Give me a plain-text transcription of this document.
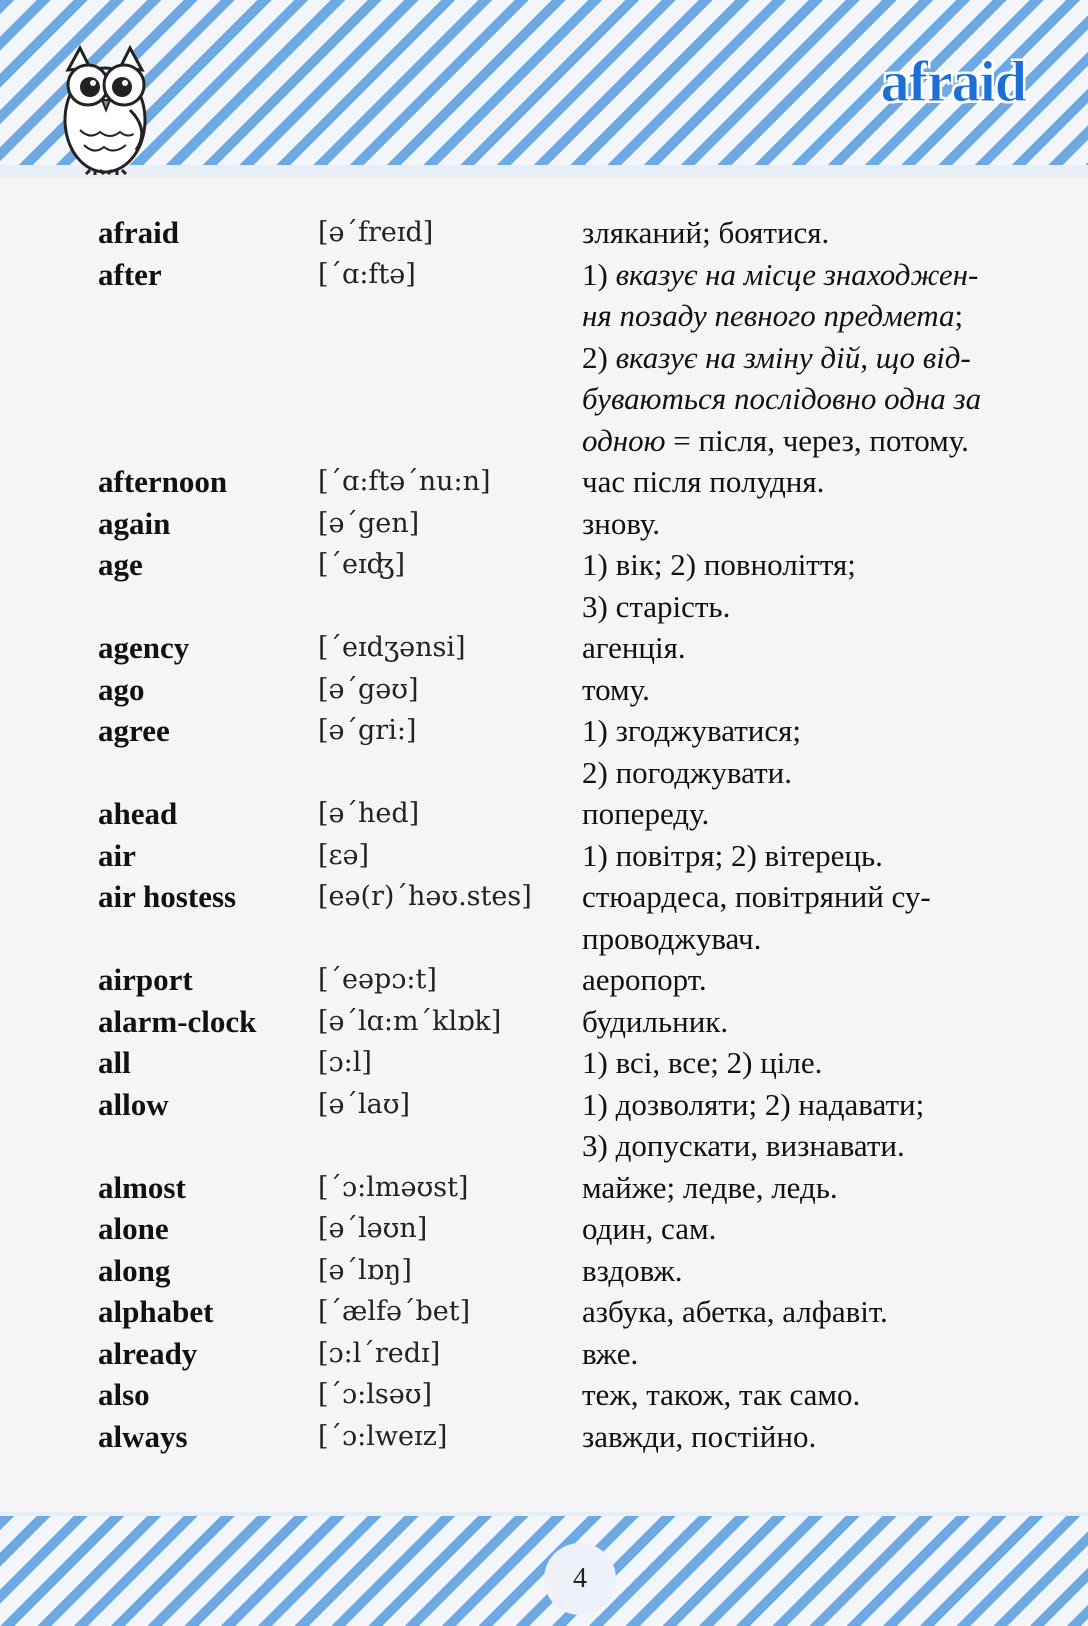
afraid
afraid	[əˊfreɪd]	зляканий; боятися.
after	[ˊɑ:ftə]	1) вказує на місце знаходжен-
ня позаду певного предмета;
2) вказує на зміну дій, що від-
буваються послідовно одна за
одною = після, через, потому.
afternoon	[ˊɑ:ftəˊnu:n]	час після полудня.
again	[əˊgen]	знову.
age	[ˊeɪʤ]	1) вік; 2) повноліття;
3) старість.
agency	[ˊeɪdʒənsi]	агенція.
ago	[əˊgəʊ]	тому.
agree	[əˊgri:]	1) згоджуватися;
2) погоджувати.
ahead	[əˊhed]	попереду.
air	[ɛə]	1) повітря; 2) вітерець.
air hostess	[eə(r)ˊhəʊ.stes] стюардеса, повітряний су-
проводжувач.
airport	[ˊeəpɔ:t]	аеропорт.
alarm-clock [əˊlɑ:mˊklɒk]	будильник.
all	[ɔ:l]	1) всі, все; 2) ціле.
allow	[əˊlaʊ]	1) дозволяти; 2) надавати;
3) допускати, визнавати.
almost	[ˊɔ:lməʊst]	майже; ледве, ледь.
alone	[əˊləʊn]	один, сам.
along	[əˊlɒŋ]	вздовж.
alphabet	[ˊælfəˊbet]	азбука, абетка, алфавіт.
already	[ɔ:lˊredɪ]	вже.
also	[ˊɔ:lsəʊ]	теж, також, так само.
always	[ˊɔ:lweɪz]	завжди, постійно.
4
